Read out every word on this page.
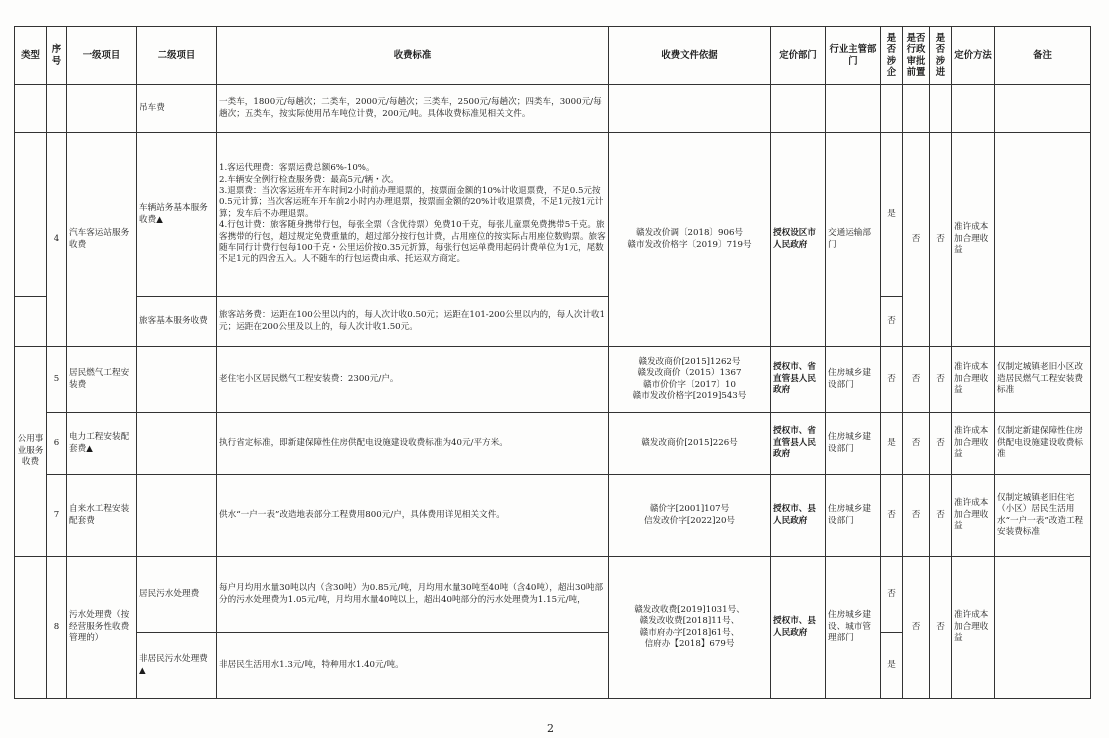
类型	序号	一级项目	二级项目	收费标准	收费文件依据	定价部门	行业主管部门	是否涉企	是否行政审批前置	是否涉进	定价方法	备注
			吊车费	一类车，1800元/每趟次；二类车，2000元/每趟次；三类车，2500元/每趟次；四类车，3000元/每趟次；五类车，按实际使用吊车吨位计费，200元/吨。具体收费标准见相关文件。								
	4	汽车客运站服务收费	车辆站务基本服务收费▲	1.客运代理费：客票运费总额6%-10%。
2.车辆安全例行检查服务费：最高5元/辆・次。
3.退票费：当次客运班车开车时间2小时前办理退票的，按票面金额的10%计收退票费，不足0.5元按0.5元计算；当次客运班车开车前2小时内办理退票，按票面金额的20%计收退票费，不足1元按1元计算；发车后不办理退票。
4.行包计费：旅客随身携带行包，每张全票（含优待票）免费10千克，每张儿童票免费携带5千克。旅客携带的行包，超过规定免费重量的，超过部分按行包计费，占用座位的按实际占用座位数购票。旅客随车同行计费行包每100千克・公里运价按0.35元折算，每张行包运单费用起码计费单位为1元，尾数不足1元的四舍五入。人不随车的行包运费由承、托运双方商定。	赣发改价调〔2018〕906号
赣市发改价格字〔2019〕719号	授权设区市人民政府	交通运输部门	是	否	否	准许成本加合理收益	
			旅客基本服务收费	旅客站务费：运距在100公里以内的，每人次计收0.50元；运距在101-200公里以内的，每人次计收1元；运距在200公里及以上的，每人次计收1.50元。				否				
公用事业服务收费	5	居民燃气工程安装费		老住宅小区居民燃气工程安装费：2300元/户。	赣发改商价[2015]1262号
赣发改商价（2015）1367
赣市价价字〔2017〕10
赣市发改价格字[2019]543号	授权市、省直管县人民政府	住房城乡建设部门	否	否	否	准许成本加合理收益	仅制定城镇老旧小区改造居民燃气工程安装费标准
	6	电力工程安装配套费▲		执行省定标准，即新建保障性住房供配电设施建设收费标准为40元/平方米。	赣发改商价[2015]226号	授权市、省直管县人民政府	住房城乡建设部门	是	否	否	准许成本加合理收益	仅制定新建保障性住房供配电设施建设收费标准
	7	自来水工程安装配套费		供水“一户一表”改造地表部分工程费用800元/户，具体费用详见相关文件。	赣价字[2001]107号
信发改价字[2022]20号	授权市、县人民政府	住房城乡建设部门	否	否	否	准许成本加合理收益	仅制定城镇老旧住宅（小区）居民生活用水“一户一表”改造工程安装费标准
	8	污水处理费（按经营服务性收费管理的）	居民污水处理费	每户月均用水量30吨以内（含30吨）为0.85元/吨，月均用水量30吨至40吨（含40吨），超出30吨部分的污水处理费为1.05元/吨，月均用水量40吨以上，超出40吨部分的污水处理费为1.15元/吨，	赣发改收费[2019]1031号、
赣发改收费[2018]11号、
赣市府办字[2018]61号、
信府办【2018】679号	授权市、县人民政府	住房城乡建设、城市管理部门	否	否	否	准许成本加合理收益	
			非居民污水处理费▲	非居民生活用水1.3元/吨，特种用水1.40元/吨。				是				
2
